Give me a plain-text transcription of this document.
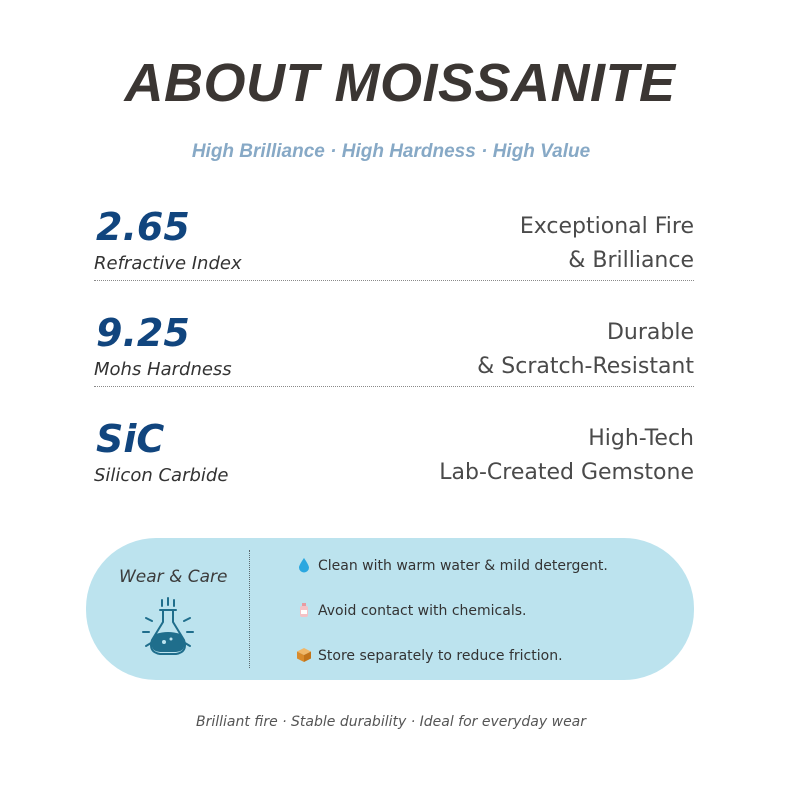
ABOUT MOISSANITE
High Brilliance · High Hardness · High Value
2.65
Refractive Index
Exceptional Fire
& Brilliance
9.25
Mohs Hardness
Durable
& Scratch-Resistant
SiC
Silicon Carbide
High-Tech
Lab-Created Gemstone
Wear & Care
Clean with warm water & mild detergent.
Avoid contact with chemicals.
Store separately to reduce friction.
Brilliant fire · Stable durability · Ideal for everyday wear
